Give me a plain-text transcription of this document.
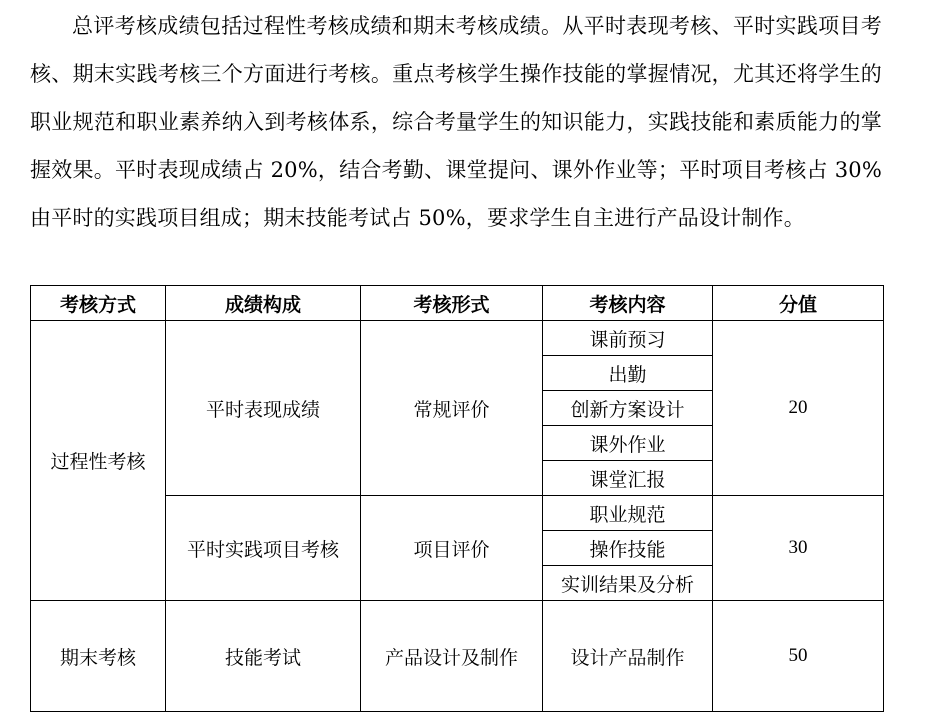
总评考核成绩包括过程性考核成绩和期末考核成绩。从平时表现考核、平时实践项目考核、期末实践考核三个方面进行考核。重点考核学生操作技能的掌握情况，尤其还将学生的职业规范和职业素养纳入到考核体系，综合考量学生的知识能力，实践技能和素质能力的掌握效果。平时表现成绩占 20%，结合考勤、课堂提问、课外作业等；平时项目考核占 30%由平时的实践项目组成；期末技能考试占 50%，要求学生自主进行产品设计制作。

考核方式	成绩构成	考核形式	考核内容	分值
过程性考核	平时表现成绩	常规评价	课前预习	20
			出勤	
			创新方案设计	
			课外作业	
			课堂汇报	
	平时实践项目考核	项目评价	职业规范	30
			操作技能	
			实训结果及分析	
期末考核	技能考试	产品设计及制作	设计产品制作	50
